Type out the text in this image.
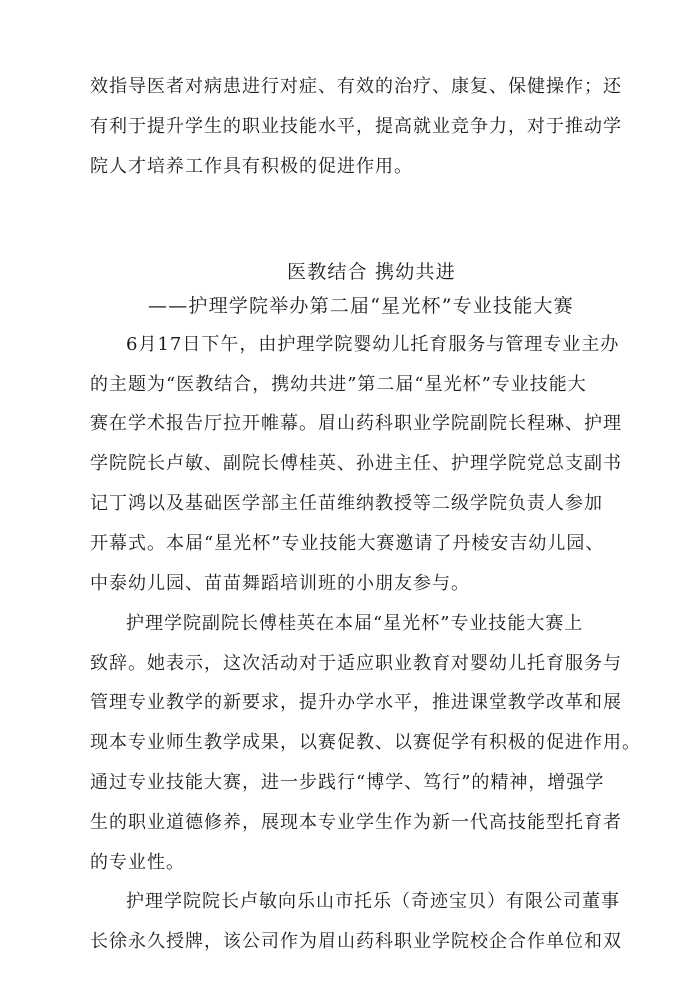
效指导医者对病患进行对症、有效的治疗、康复、保健操作；还
有利于提升学生的职业技能水平，提高就业竞争力，对于推动学
院人才培养工作具有积极的促进作用。
医教结合 携幼共进
——护理学院举办第二届“星光杯”专业技能大赛
6月17日下午，由护理学院婴幼儿托育服务与管理专业主办
的主题为“医教结合，携幼共进”第二届“星光杯”专业技能大
赛在学术报告厅拉开帷幕。眉山药科职业学院副院长程琳、护理
学院院长卢敏、副院长傅桂英、孙进主任、护理学院党总支副书
记丁鸿以及基础医学部主任苗维纳教授等二级学院负责人参加
开幕式。本届“星光杯”专业技能大赛邀请了丹棱安吉幼儿园、
中泰幼儿园、苗苗舞蹈培训班的小朋友参与。
护理学院副院长傅桂英在本届“星光杯”专业技能大赛上
致辞。她表示，这次活动对于适应职业教育对婴幼儿托育服务与
管理专业教学的新要求，提升办学水平，推进课堂教学改革和展
现本专业师生教学成果，以赛促教、以赛促学有积极的促进作用。
通过专业技能大赛，进一步践行“博学、笃行”的精神，增强学
生的职业道德修养，展现本专业学生作为新一代高技能型托育者
的专业性。
护理学院院长卢敏向乐山市托乐（奇迹宝贝）有限公司董事
长徐永久授牌，该公司作为眉山药科职业学院校企合作单位和双
